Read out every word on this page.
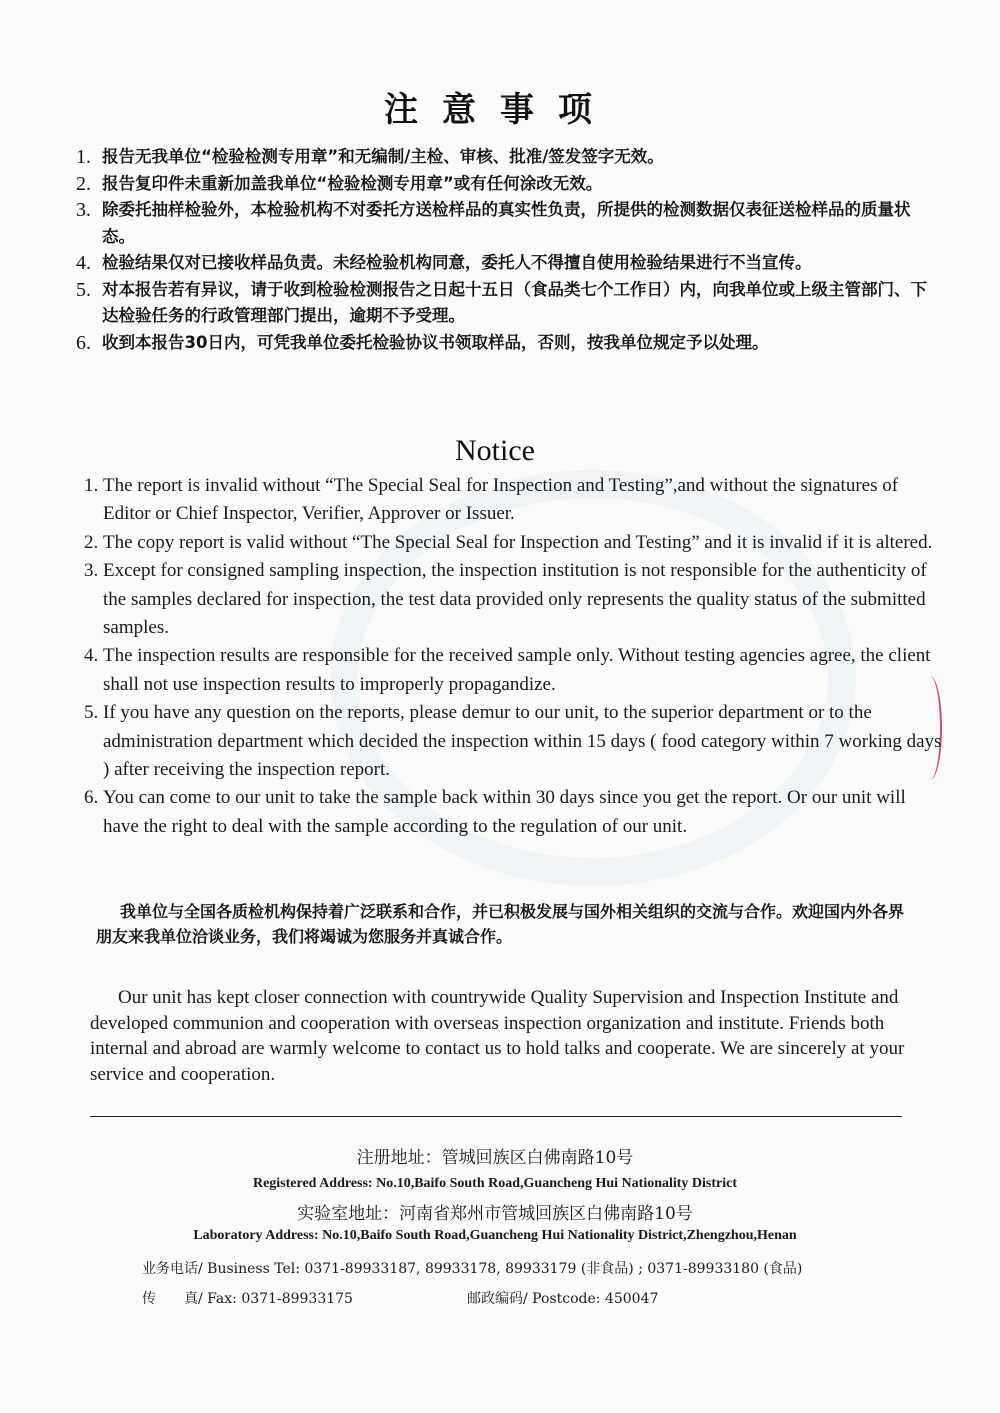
注意事项
1. 报告无我单位“检验检测专用章”和无编制/主检、审核、批准/签发签字无效。
2. 报告复印件未重新加盖我单位“检验检测专用章”或有任何涂改无效。
3. 除委托抽样检验外，本检验机构不对委托方送检样品的真实性负责，所提供的检测数据仅表征送检样品的质量状态。
4. 检验结果仅对已接收样品负责。未经检验机构同意，委托人不得擅自使用检验结果进行不当宣传。
5. 对本报告若有异议，请于收到检验检测报告之日起十五日（食品类七个工作日）内，向我单位或上级主管部门、下达检验任务的行政管理部门提出，逾期不予受理。
6. 收到本报告30日内，可凭我单位委托检验协议书领取样品，否则，按我单位规定予以处理。
Notice
1. The report is invalid without “The Special Seal for Inspection and Testing”,and without the signatures of Editor or Chief Inspector, Verifier, Approver or Issuer.
2. The copy report is valid without “The Special Seal for Inspection and Testing” and it is invalid if it is altered.
3. Except for consigned sampling inspection, the inspection institution is not responsible for the authenticity of the samples declared for inspection, the test data provided only represents the quality status of the submitted samples.
4. The inspection results are responsible for the received sample only. Without testing agencies agree, the client shall not use inspection results to improperly propagandize.
5. If you have any question on the reports, please demur to our unit, to the superior department or to the administration department which decided the inspection within 15 days ( food category within 7 working days ) after receiving the inspection report.
6. You can come to our unit to take the sample back within 30 days since you get the report. Or our unit will have the right to deal with the sample according to the regulation of our unit.
我单位与全国各质检机构保持着广泛联系和合作，并已积极发展与国外相关组织的交流与合作。欢迎国内外各界朋友来我单位洽谈业务，我们将竭诚为您服务并真诚合作。
Our unit has kept closer connection with countrywide Quality Supervision and Inspection Institute and developed communion and cooperation with overseas inspection organization and institute. Friends both internal and abroad are warmly welcome to contact us to hold talks and cooperate. We are sincerely at your service and cooperation.
注册地址：管城回族区白佛南路10号
Registered Address: No.10,Baifo South Road,Guancheng Hui Nationality District
实验室地址：河南省郑州市管城回族区白佛南路10号
Laboratory Address: No.10,Baifo South Road,Guancheng Hui Nationality District,Zhengzhou,Henan
业务电话/ Business Tel: 0371-89933187, 89933178, 89933179 (非食品) ; 0371-89933180 (食品)
传　　真/ Fax: 0371-89933175	邮政编码/ Postcode: 450047
